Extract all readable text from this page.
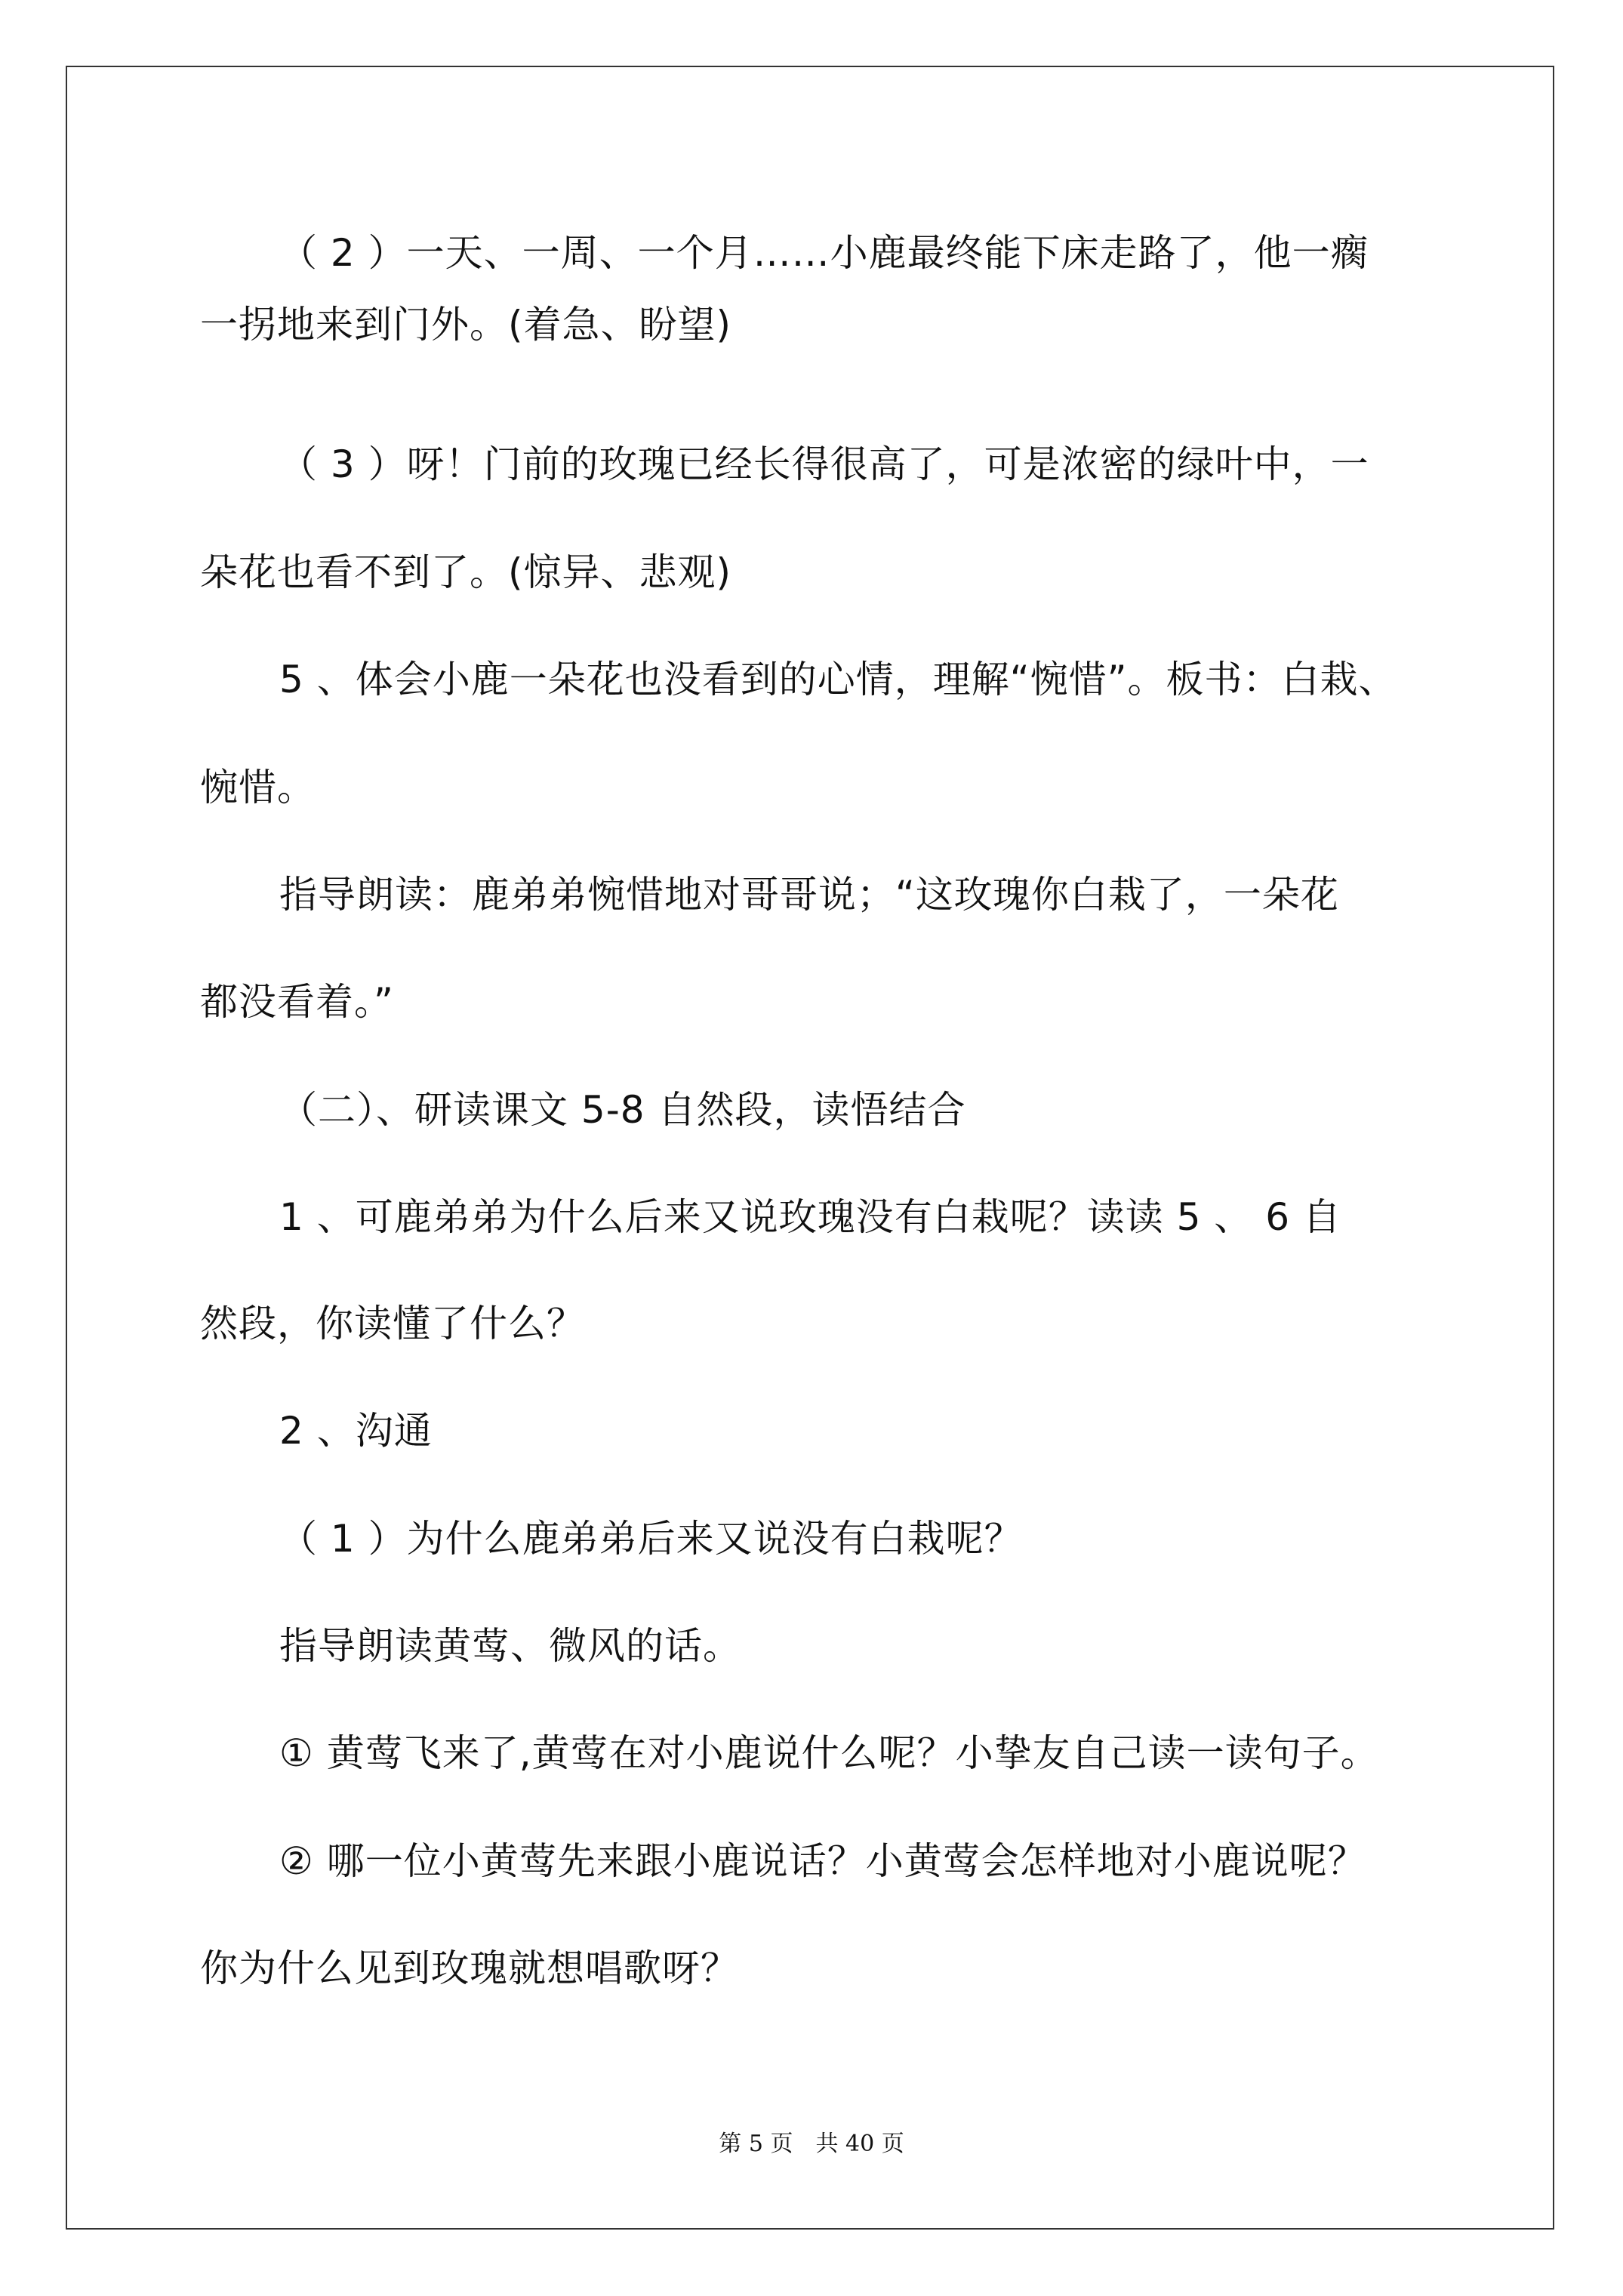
（ 2 ）一天、一周、一个月……小鹿最终能下床走路了，他一瘸
一拐地来到门外。(着急、盼望)
（ 3 ）呀！门前的玫瑰已经长得很高了，可是浓密的绿叶中，一
朵花也看不到了。(惊异、悲观)
5 、体会小鹿一朵花也没看到的心情，理解“惋惜”。板书：白栽、
惋惜。
指导朗读：鹿弟弟惋惜地对哥哥说；“这玫瑰你白栽了，一朵花
都没看着。”
（二）、研读课文 5-8 自然段，读悟结合
1 、可鹿弟弟为什么后来又说玫瑰没有白栽呢？读读 5 、 6 自
然段，你读懂了什么？
2 、沟通
（ 1 ）为什么鹿弟弟后来又说没有白栽呢？
指导朗读黄莺、微风的话。
① 黄莺飞来了,黄莺在对小鹿说什么呢？小挚友自己读一读句子。
② 哪一位小黄莺先来跟小鹿说话？小黄莺会怎样地对小鹿说呢？
你为什么见到玫瑰就想唱歌呀？
第 5 页　共 40 页
